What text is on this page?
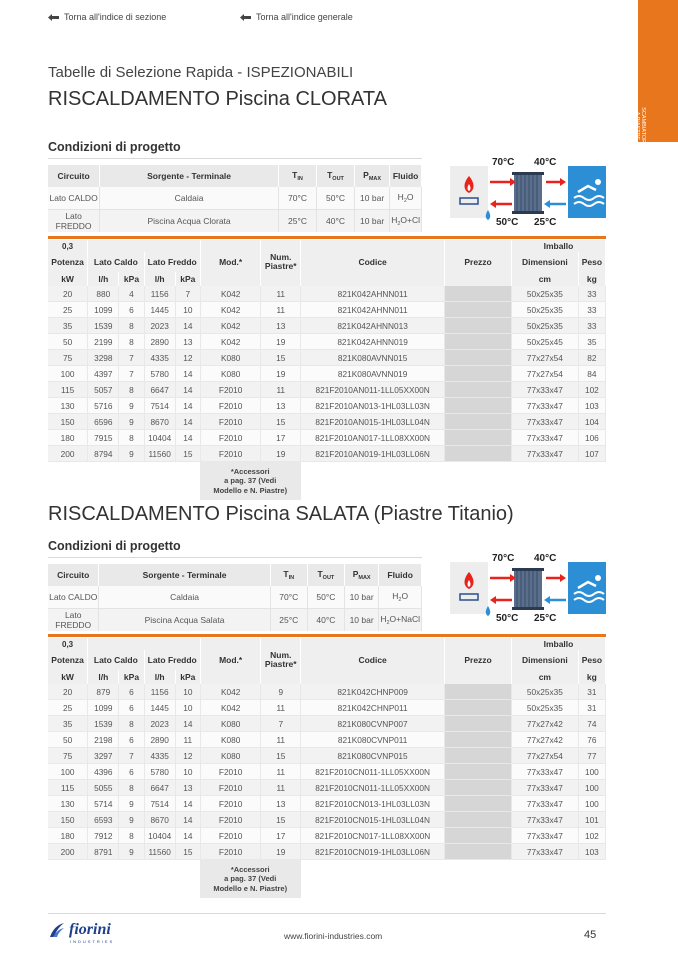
Torna all'indice di sezione	Torna all'indice generale
SCAMBIATORI
A PIASTRE
Tabelle di Selezione Rapida - ISPEZIONABILI
RISCALDAMENTO Piscina CLORATA
Condizioni di progetto
Circuito	Sorgente - Terminale	$T_{IN}$	$T_{OUT}$	$P_{MAX}$	Fluido
Lato CALDO	Caldaia	70°C	50°C	10 bar	$H_2O$
Lato FREDDO	Piscina Acqua Clorata	25°C	40°C	10 bar	$H_2O+Cl$
70°C 40°C
50°C 25°C
0,3									Imballo	
Potenza	Lato Caldo		Lato Freddo		Mod.*	Num.
Piastre*	Codice	Prezzo	Dimensioni	Peso
kW	l/h	kPa	l/h	kPa					cm	kg
20	880	4	1156	7	K042	11	821K042AHNN011		50x25x35	33
25	1099	6	1445	10	K042	11	821K042AHNN011		50x25x35	33
35	1539	8	2023	14	K042	13	821K042AHNN013		50x25x35	33
50	2199	8	2890	13	K042	19	821K042AHNN019		50x25x45	35
75	3298	7	4335	12	K080	15	821K080AVNN015		77x27x54	82
100	4397	7	5780	14	K080	19	821K080AVNN019		77x27x54	84
115	5057	8	6647	14	F2010	11	821F2010AN011-1LL05XX00N		77x33x47	102
130	5716	9	7514	14	F2010	13	821F2010AN013-1HL03LL03N		77x33x47	103
150	6596	9	8670	14	F2010	15	821F2010AN015-1HL03LL04N		77x33x47	104
180	7915	8	10404	14	F2010	17	821F2010AN017-1LL08XX00N		77x33x47	106
200	8794	9	11560	15	F2010	19	821F2010AN019-1HL03LL06N		77x33x47	107

					*Accessori
a pag. 37 (Vedi
Modello e N. Piastre)					

RISCALDAMENTO Piscina SALATA (Piastre Titanio)
Condizioni di progetto
Circuito	Sorgente - Terminale	$T_{IN}$	$T_{OUT}$	$P_{MAX}$	Fluido
Lato CALDO	Caldaia	70°C	50°C	10 bar	$H_2O$
Lato FREDDO	Piscina Acqua Salata	25°C	40°C	10 bar	$H_2O+NaCl$
70°C 40°C
50°C 25°C
0,3									Imballo	
Potenza	Lato Caldo		Lato Freddo		Mod.*	Num.
Piastre*	Codice	Prezzo	Dimensioni	Peso
kW	l/h	kPa	l/h	kPa					cm	kg
20	879	6	1156	10	K042	9	821K042CHNP009		50x25x35	31
25	1099	6	1445	10	K042	11	821K042CHNP011		50x25x35	31
35	1539	8	2023	14	K080	7	821K080CVNP007		77x27x42	74
50	2198	6	2890	11	K080	11	821K080CVNP011		77x27x42	76
75	3297	7	4335	12	K080	15	821K080CVNP015		77x27x54	77
100	4396	6	5780	10	F2010	11	821F2010CN011-1LL05XX00N		77x33x47	100
115	5055	8	6647	13	F2010	11	821F2010CN011-1LL05XX00N		77x33x47	100
130	5714	9	7514	14	F2010	13	821F2010CN013-1HL03LL03N		77x33x47	100
150	6593	9	8670	14	F2010	15	821F2010CN015-1HL03LL04N		77x33x47	101
180	7912	8	10404	14	F2010	17	821F2010CN017-1LL08XX00N		77x33x47	102
200	8791	9	11560	15	F2010	19	821F2010CN019-1HL03LL06N		77x33x47	103

					*Accessori
a pag. 37 (Vedi
Modello e N. Piastre)					

fiorini
INDUSTRIES
www.fiorini-industries.com	45
